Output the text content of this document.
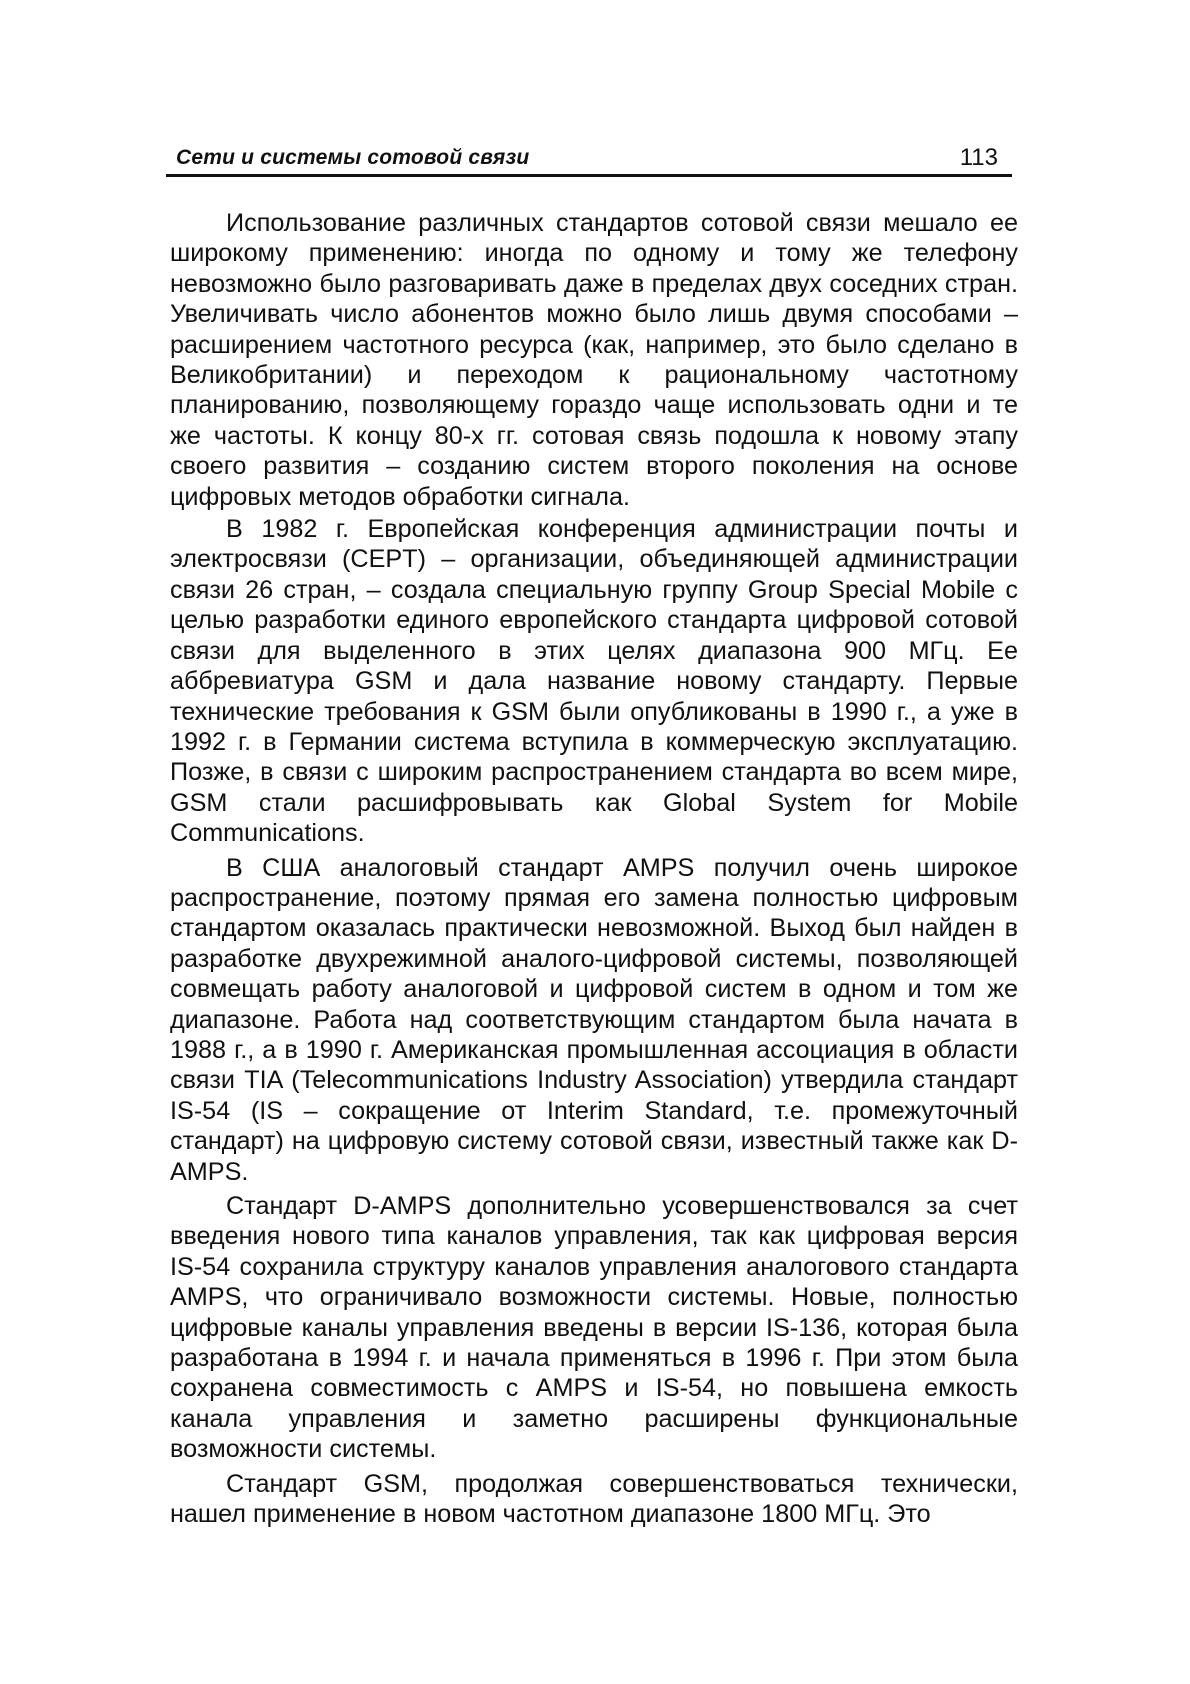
Сети и системы сотовой связи	113

Использование различных стандартов сотовой связи мешало ее широкому применению: иногда по одному и тому же телефону невозможно было разговаривать даже в пределах двух соседних стран. Увеличивать число абонентов можно было лишь двумя способами – расширением частотного ресурса (как, например, это было сделано в Великобритании) и переходом к рациональному частотному планированию, позволяющему гораздо чаще использовать одни и те же частоты. К концу 80-х гг. сотовая связь подошла к новому этапу своего развития – созданию систем второго поколения на основе цифровых методов обработки сигнала.

В 1982 г. Европейская конференция администрации почты и электросвязи (CEPT) – организации, объединяющей администрации связи 26 стран, – создала специальную группу Group Special Mobile с целью разработки единого европейского стандарта цифровой сотовой связи для выделенного в этих целях диапазона 900 МГц. Ее аббревиатура GSM и дала название новому стандарту. Первые технические требования к GSM были опубликованы в 1990 г., а уже в 1992 г. в Германии система вступила в коммерческую эксплуатацию. Позже, в связи с широким распространением стандарта во всем мире, GSM стали расшифровывать как Global System for Mobile Communications.

В США аналоговый стандарт AMPS получил очень широкое распространение, поэтому прямая его замена полностью цифровым стандартом оказалась практически невозможной. Выход был найден в разработке двухрежимной аналого-цифровой системы, позволяющей совмещать работу аналоговой и цифровой систем в одном и том же диапазоне. Работа над соответствующим стандартом была начата в 1988 г., а в 1990 г. Американская промышленная ассоциация в области связи TIA (Telecommunications Industry Association) утвердила стандарт IS-54 (IS – сокращение от Interim Standard, т.е. промежуточный стандарт) на цифровую систему сотовой связи, известный также как D-AMPS.

Стандарт D-AMPS дополнительно усовершенствовался за счет введения нового типа каналов управления, так как цифровая версия IS-54 сохранила структуру каналов управления аналогового стандарта AMPS, что ограничивало возможности системы. Новые, полностью цифровые каналы управления введены в версии IS-136, которая была разработана в 1994 г. и начала применяться в 1996 г. При этом была сохранена совместимость с AMPS и IS-54, но повышена емкость канала управления и заметно расширены функциональные возможности системы.

Стандарт GSM, продолжая совершенствоваться технически, нашел применение в новом частотном диапазоне 1800 МГц. Это
